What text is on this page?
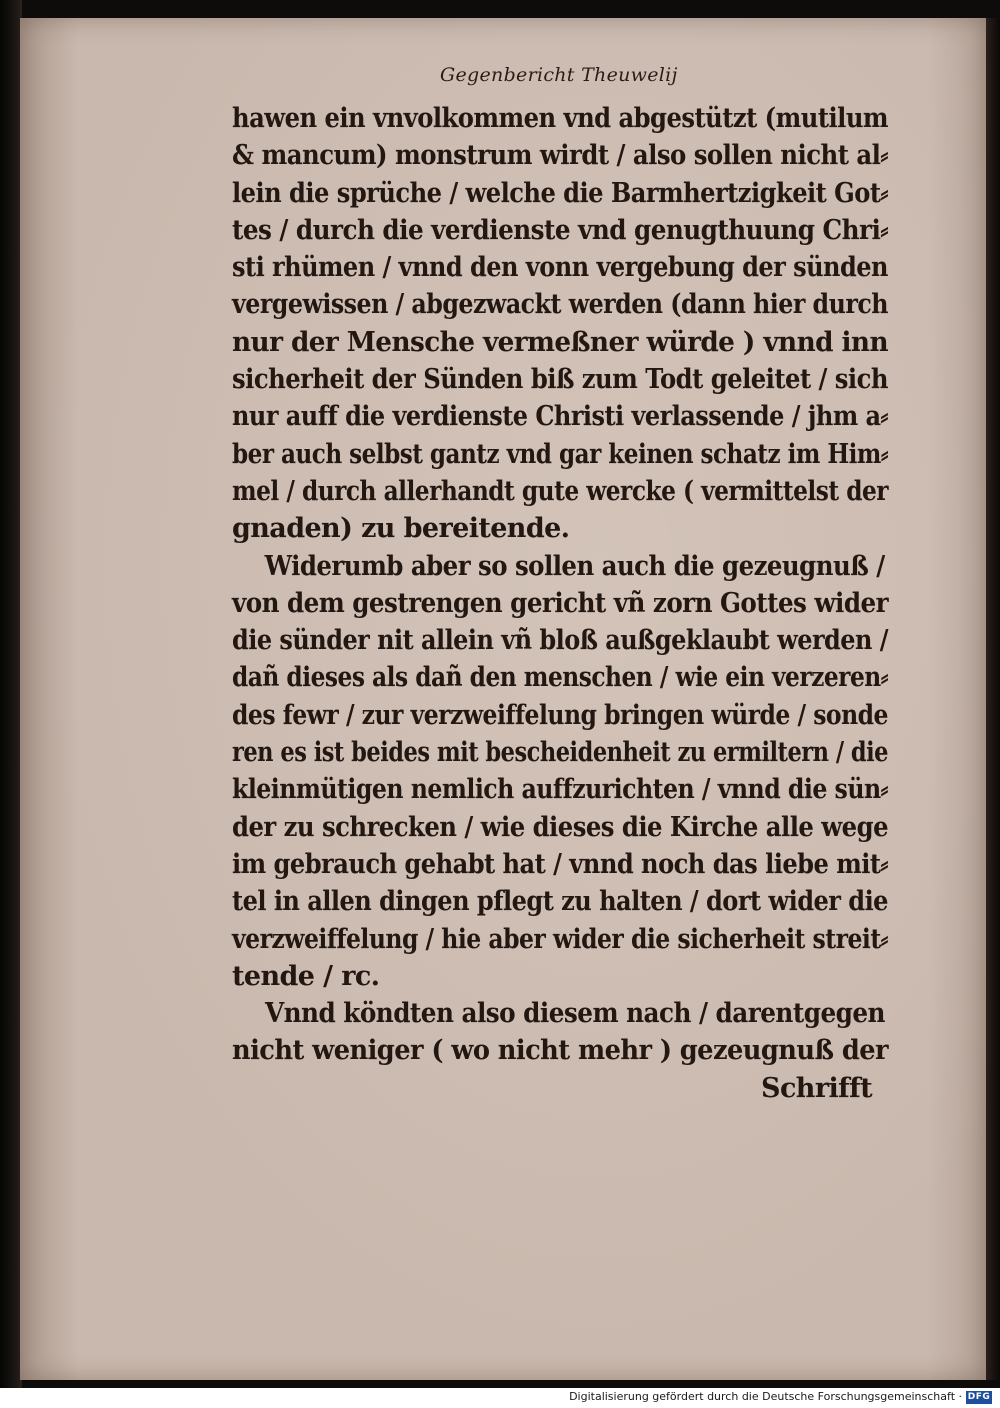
Gegenbericht Theuwelij
hawen ein vnvolkommen vnd abgestützt (mutilum
& mancum) monstrum wirdt / also sollen nicht al⸗
lein die sprüche / welche die Barmhertzigkeit Got⸗
tes / durch die verdienste vnd genugthuung Chri⸗
sti rhümen / vnnd den vonn vergebung der sünden
vergewissen / abgezwackt werden (dann hier durch
nur der Mensche vermeßner würde ) vnnd inn
sicherheit der Sünden biß zum Todt geleitet / sich
nur auff die verdienste Christi verlassende / jhm a⸗
ber auch selbst gantz vnd gar keinen schatz im Him⸗
mel / durch allerhandt gute wercke ( vermittelst der
gnaden) zu bereitende.
Widerumb aber so sollen auch die gezeugnuß /
von dem gestrengen gericht vñ zorn Gottes wider
die sünder nit allein vñ bloß außgeklaubt werden /
dañ dieses als dañ den menschen / wie ein verzeren⸗
des fewr / zur verzweiffelung bringen würde / sonde
ren es ist beides mit bescheidenheit zu ermiltern / die
kleinmütigen nemlich auffzurichten / vnnd die sün⸗
der zu schrecken / wie dieses die Kirche alle wege
im gebrauch gehabt hat / vnnd noch das liebe mit⸗
tel in allen dingen pflegt zu halten / dort wider die
verzweiffelung / hie aber wider die sicherheit streit⸗
tende / rc.
Vnnd köndten also diesem nach / darentgegen
nicht weniger ( wo nicht mehr ) gezeugnuß der
Schrifft
Digitalisierung gefördert durch die Deutsche Forschungsgemeinschaft · DFG
